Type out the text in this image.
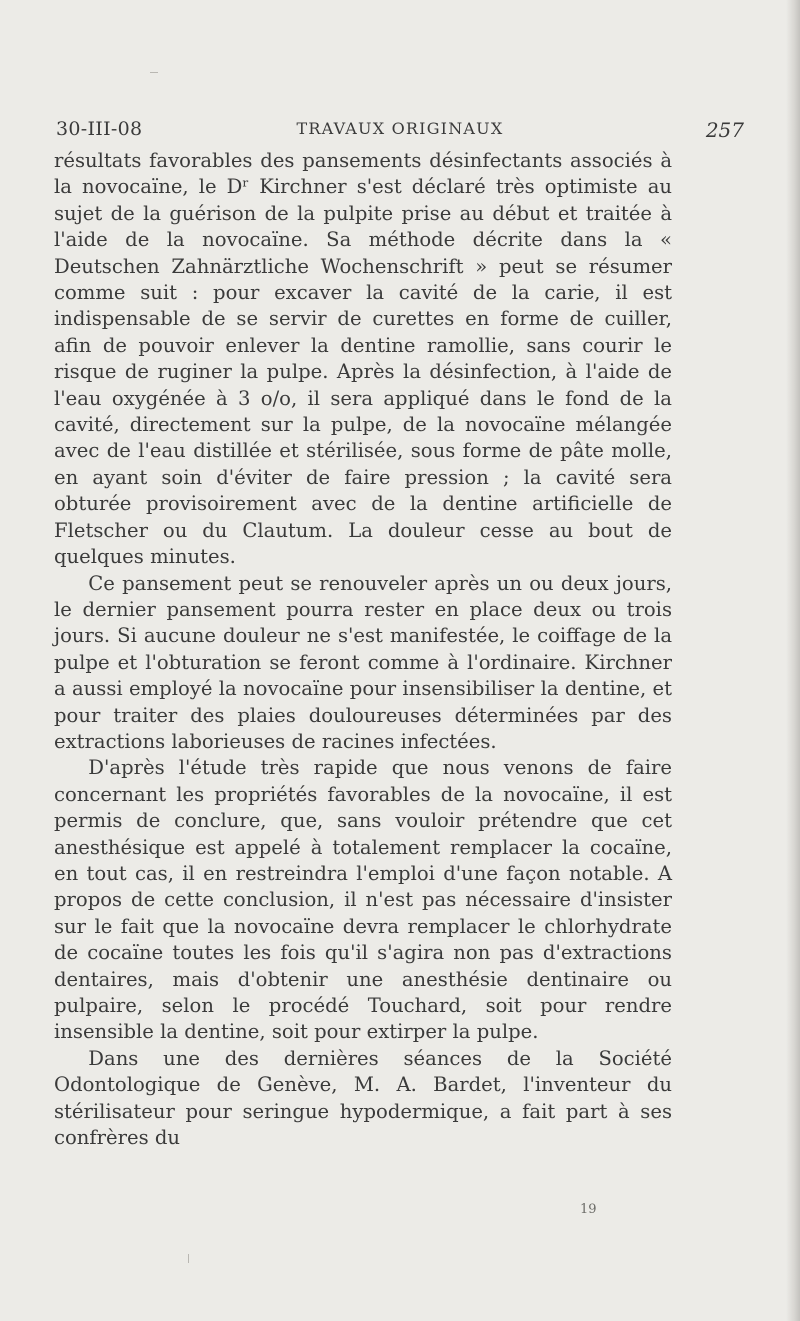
30-III-08	TRAVAUX ORIGINAUX	257

résultats favorables des pansements désinfectants associés à la novocaïne, le Dʳ Kirchner s'est déclaré très optimiste au sujet de la guérison de la pulpite prise au début et traitée à l'aide de la novocaïne. Sa méthode décrite dans la « Deutschen Zahnärztliche Wochenschrift » peut se résumer comme suit : pour excaver la cavité de la carie, il est indispensable de se servir de curettes en forme de cuiller, afin de pouvoir enlever la dentine ramollie, sans courir le risque de ruginer la pulpe. Après la désinfection, à l'aide de l'eau oxygénée à 3 o/o, il sera appliqué dans le fond de la cavité, directement sur la pulpe, de la novocaïne mélangée avec de l'eau distillée et stérilisée, sous forme de pâte molle, en ayant soin d'éviter de faire pression ; la cavité sera obturée provisoirement avec de la dentine artificielle de Fletscher ou du Clautum. La douleur cesse au bout de quelques minutes.

Ce pansement peut se renouveler après un ou deux jours, le dernier pansement pourra rester en place deux ou trois jours. Si aucune douleur ne s'est manifestée, le coiffage de la pulpe et l'obturation se feront comme à l'ordinaire. Kirchner a aussi employé la novocaïne pour insensibiliser la dentine, et pour traiter des plaies douloureuses déterminées par des extractions laborieuses de racines infectées.

D'après l'étude très rapide que nous venons de faire concernant les propriétés favorables de la novocaïne, il est permis de conclure, que, sans vouloir prétendre que cet anesthésique est appelé à totalement remplacer la cocaïne, en tout cas, il en restreindra l'emploi d'une façon notable. A propos de cette conclusion, il n'est pas nécessaire d'insister sur le fait que la novocaïne devra remplacer le chlorhydrate de cocaïne toutes les fois qu'il s'agira non pas d'extractions dentaires, mais d'obtenir une anesthésie dentinaire ou pulpaire, selon le procédé Touchard, soit pour rendre insensible la dentine, soit pour extirper la pulpe.

Dans une des dernières séances de la Société Odontologique de Genève, M. A. Bardet, l'inventeur du stérilisateur pour seringue hypodermique, a fait part à ses confrères du

19
